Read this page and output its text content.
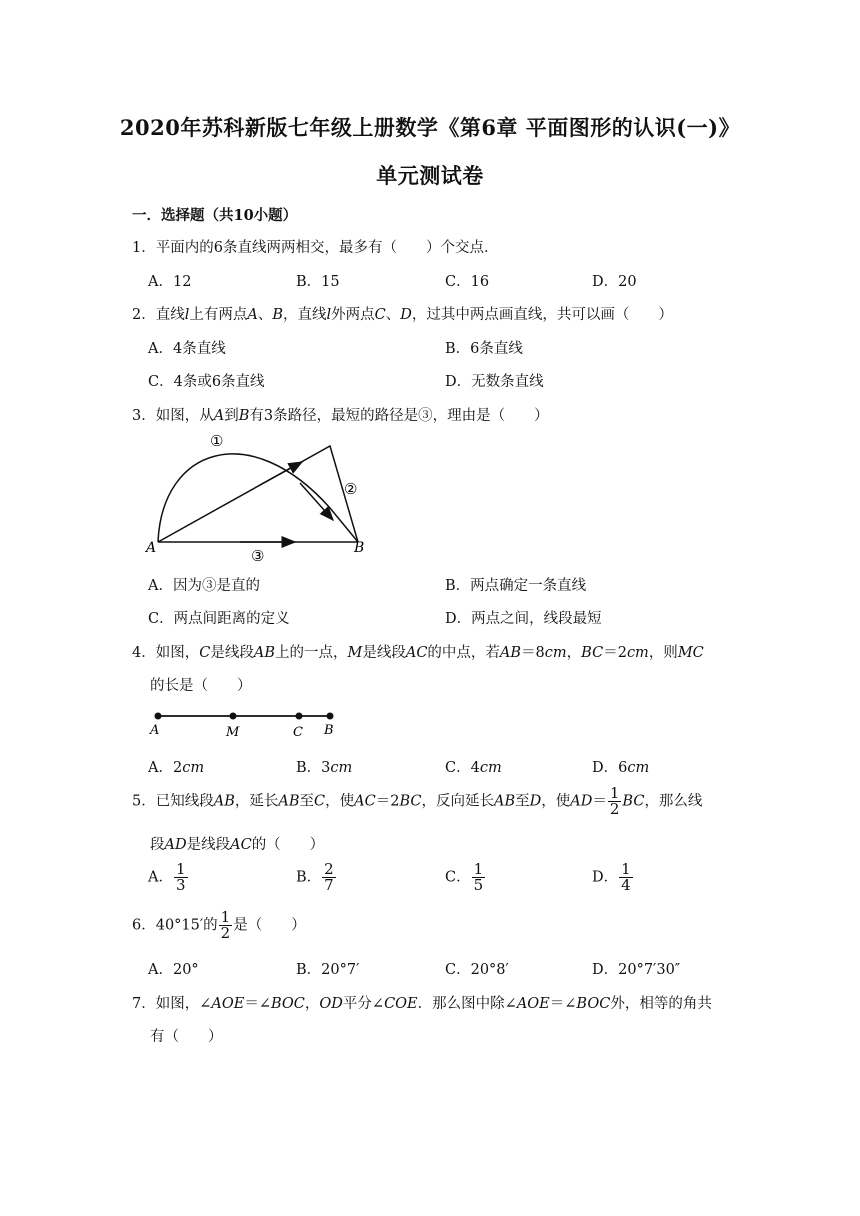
2020年苏科新版七年级上册数学《第6章 平面图形的认识(一)》
单元测试卷
一．选择题（共10小题）
1．平面内的6条直线两两相交，最多有（　　）个交点．
A．12	B．15	C．16	D．20
2．直线l上有两点A、B，直线l外两点C、D，过其中两点画直线，共可以画（　　）
A．4条直线	B．6条直线
C．4条或6条直线	D．无数条直线
3．如图，从A到B有3条路径，最短的路径是③，理由是（　　）
A	B
①
②
③
A．因为③是直的	B．两点确定一条直线
C．两点间距离的定义	D．两点之间，线段最短
4．如图，C是线段AB上的一点，M是线段AC的中点，若AB＝8cm，BC＝2cm，则MC
的长是（　　）
A	M	C B
A．2cm	B．3cm	C．4cm	D．6cm
5．已知线段AB，延长AB至C，使AC＝2BC，反向延长AB至D，使$AD= \frac{1}{2}$ BC，那么线
段AD是线段AC的（　　）
A． $\frac{1}{3}$	B． $\frac{2}{7}$	C． $\frac{1}{5}$	D． $\frac{1}{4}$
6．40°15′的 $\frac{1}{2}$ 是（　　）
A．20°	B．20°7′	C．20°8′	D．20°7′30″
7．如图，∠AOE＝∠BOC，OD平分∠COE．那么图中除∠AOE＝∠BOC外，相等的角共
有（　　）
